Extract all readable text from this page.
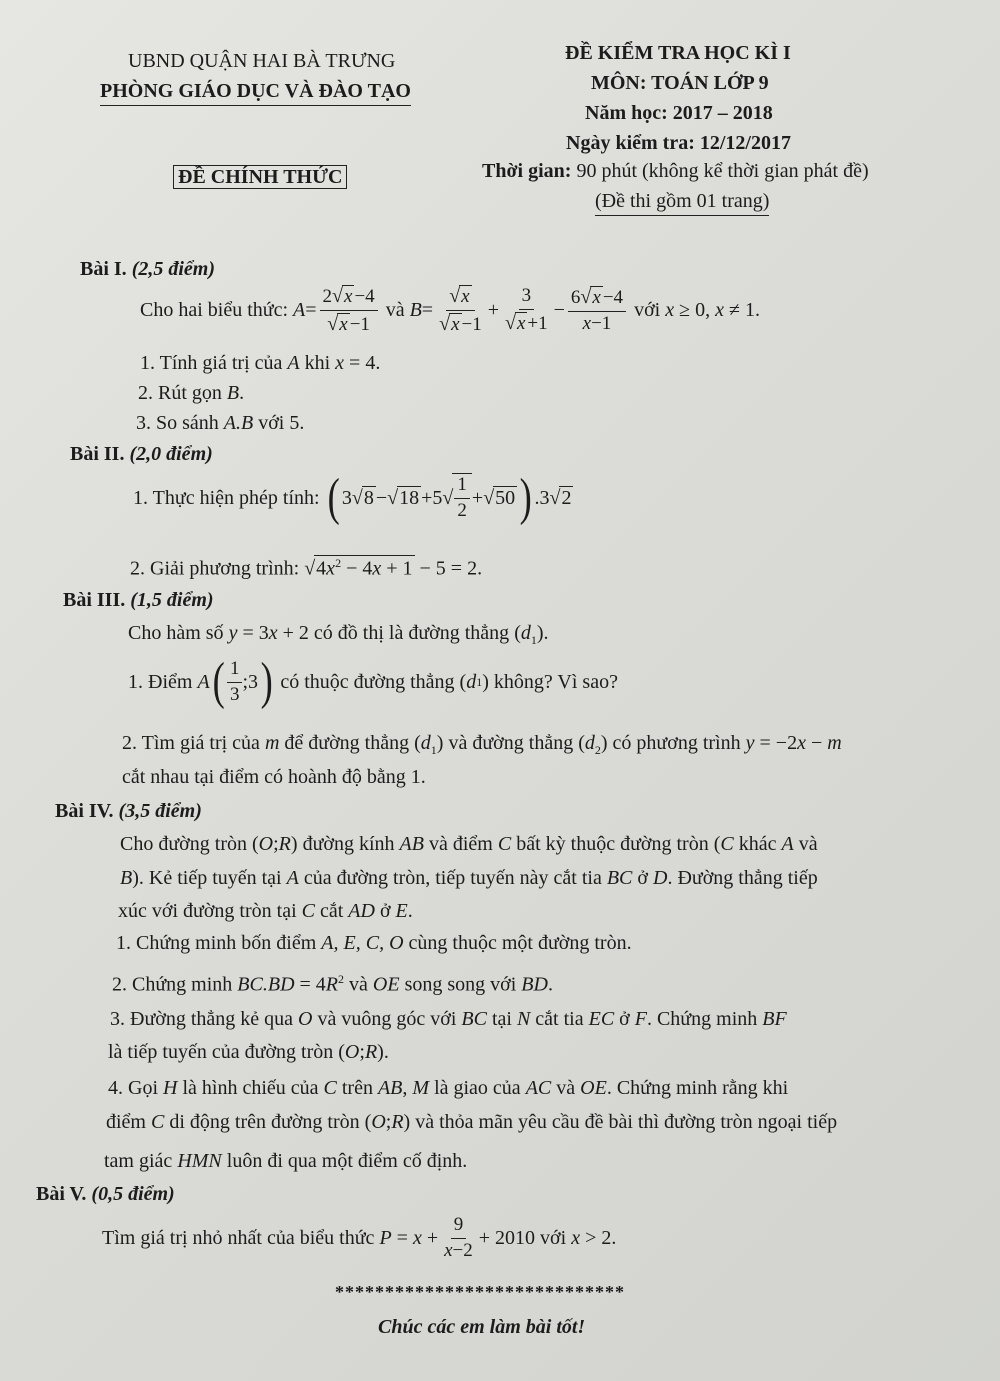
UBND QUẬN HAI BÀ TRƯNG
PHÒNG GIÁO DỤC VÀ ĐÀO TẠO
ĐỀ CHÍNH THỨC
ĐỀ KIỂM TRA HỌC KÌ I
MÔN: TOÁN LỚP 9
Năm học: 2017 – 2018
Ngày kiểm tra: 12/12/2017
Thời gian: 90 phút (không kể thời gian phát đề)
(Đề thi gồm 01 trang)
Bài I. (2,5 điểm)
Cho hai biểu thức:
$A = \frac{2√x -4}{√x -1}$
và
$B = \frac{√x}{√x -1} + \frac{3}{√x +1} - \frac{6√x -4}{x-1}$
với
x ≥ 0, x ≠ 1.
1. Tính giá trị của A khi x = 4.
2. Rút gọn B.
3. So sánh A.B với 5.
Bài II. (2,0 điểm)
1. Thực hiện phép tính:
( 3 √ 8 − √ 18 +5 √ $\frac{1}{2}$ + √ 50 ) .3 √ 2
2. Giải phương trình: $√4x^2 - 4x + 1 - 5 = 2$.
Bài III. (1,5 điểm)
Cho hàm số y = 3x + 2 có đồ thị là đường thẳng $(d_1)$.
1. Điểm
A ( $\frac{1}{3}$ ;3 )
có thuộc đường thẳng ( d 1 ) không? Vì sao?
2. Tìm giá trị của m để đường thẳng $(d_1)$ và đường thẳng $(d_2)$ có phương trình y = −2x − m
cắt nhau tại điểm có hoành độ bằng 1.
Bài IV. (3,5 điểm)
Cho đường tròn (O;R) đường kính AB và điểm C bất kỳ thuộc đường tròn (C khác A và
B). Kẻ tiếp tuyến tại A của đường tròn, tiếp tuyến này cắt tia BC ở D. Đường thẳng tiếp
xúc với đường tròn tại C cắt AD ở E.
1. Chứng minh bốn điểm A, E, C, O cùng thuộc một đường tròn.
2. Chứng minh $BC.BD = 4R^2$ và OE song song với BD.
3. Đường thẳng kẻ qua O và vuông góc với BC tại N cắt tia EC ở F. Chứng minh BF
là tiếp tuyến của đường tròn (O;R).
4. Gọi H là hình chiếu của C trên AB, M là giao của AC và OE. Chứng minh rằng khi
điểm C di động trên đường tròn (O;R) và thỏa mãn yêu cầu đề bài thì đường tròn ngoại tiếp
tam giác HMN luôn đi qua một điểm cố định.
Bài V. (0,5 điểm)
Tìm giá trị nhỏ nhất của biểu thức
$P = x + \frac{9}{x-2} + 2010$ với
x > 2.
*****************************
Chúc các em làm bài tốt!
